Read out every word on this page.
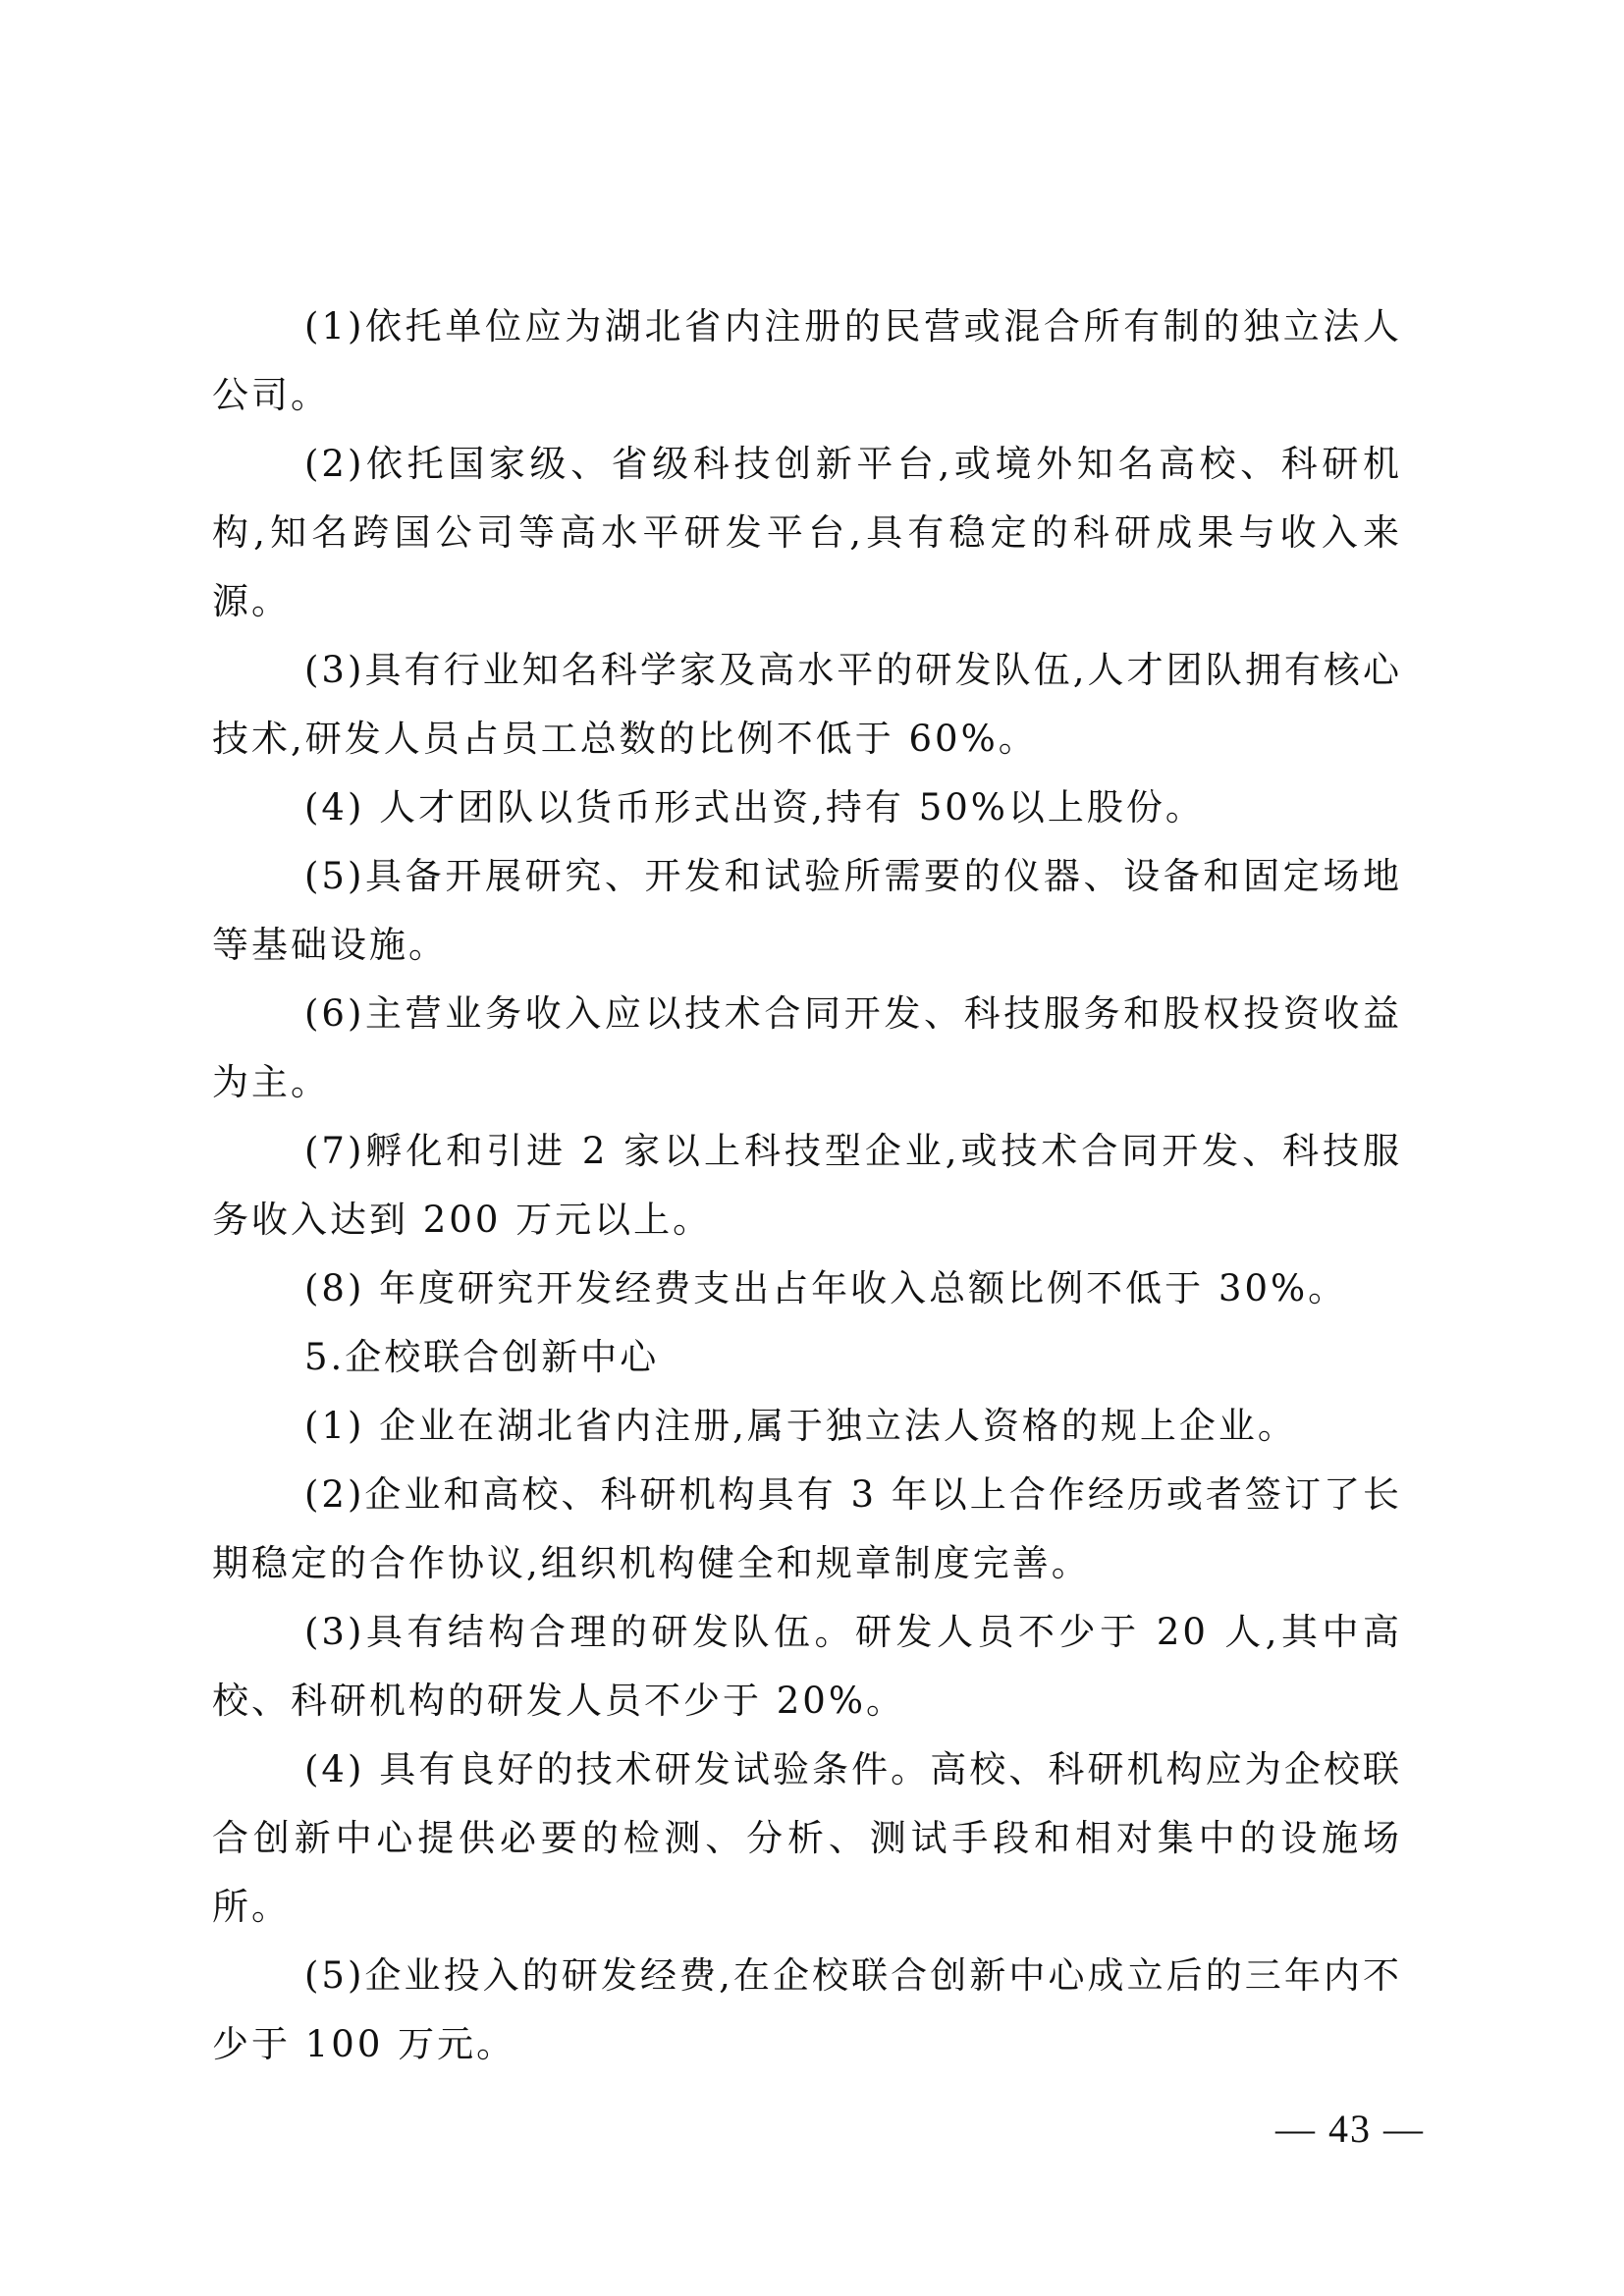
(1)依托单位应为湖北省内注册的民营或混合所有制的独立法人公司。

(2)依托国家级、省级科技创新平台,或境外知名高校、科研机构,知名跨国公司等高水平研发平台,具有稳定的科研成果与收入来源。

(3)具有行业知名科学家及高水平的研发队伍,人才团队拥有核心技术,研发人员占员工总数的比例不低于 60%。

(4) 人才团队以货币形式出资,持有 50%以上股份。

(5)具备开展研究、开发和试验所需要的仪器、设备和固定场地等基础设施。

(6)主营业务收入应以技术合同开发、科技服务和股权投资收益为主。

(7)孵化和引进 2 家以上科技型企业,或技术合同开发、科技服务收入达到 200 万元以上。

(8) 年度研究开发经费支出占年收入总额比例不低于 30%。

5.企校联合创新中心

(1) 企业在湖北省内注册,属于独立法人资格的规上企业。

(2)企业和高校、科研机构具有 3 年以上合作经历或者签订了长期稳定的合作协议,组织机构健全和规章制度完善。

(3)具有结构合理的研发队伍。研发人员不少于 20 人,其中高校、科研机构的研发人员不少于 20%。

(4) 具有良好的技术研发试验条件。高校、科研机构应为企校联合创新中心提供必要的检测、分析、测试手段和相对集中的设施场所。

(5)企业投入的研发经费,在企校联合创新中心成立后的三年内不少于 100 万元。

— 43 —
